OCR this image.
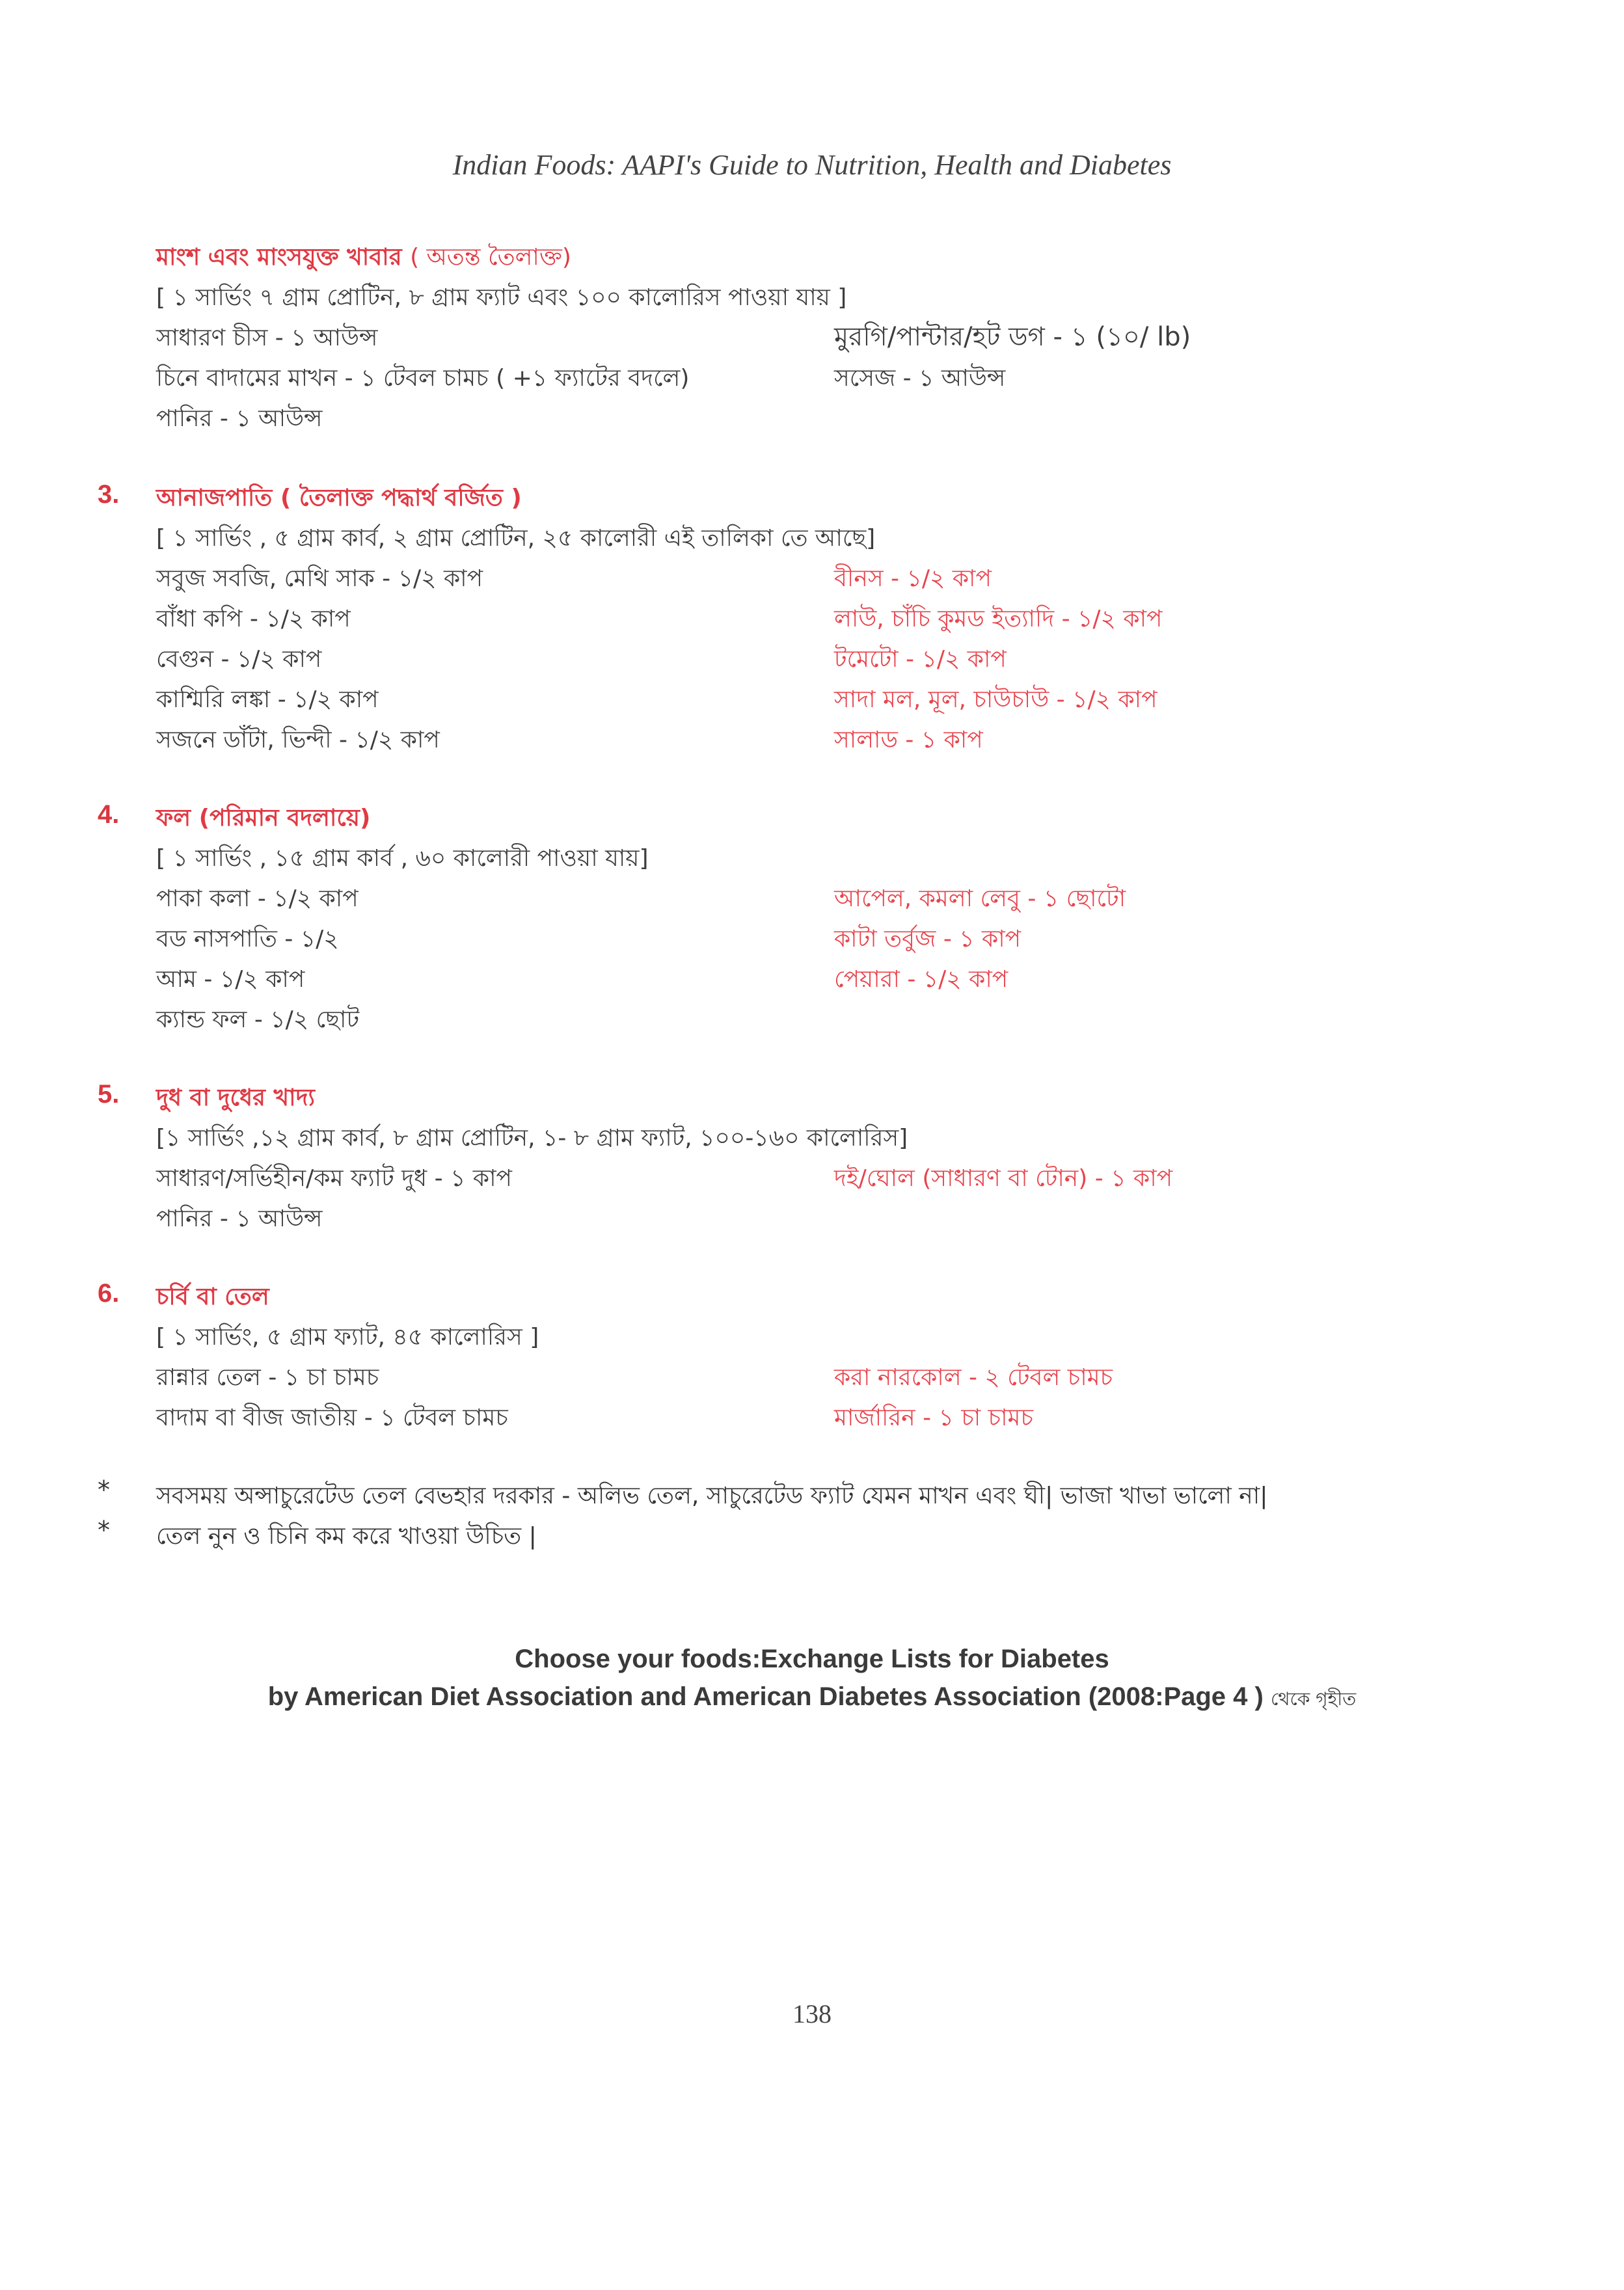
Indian Foods: AAPI's Guide to Nutrition, Health and Diabetes
মাংশ এবং মাংসযুক্ত খাবার ( অতন্ত তৈলাক্ত)
[ ১ সার্ভিং ৭ গ্রাম প্রোটিন, ৮ গ্রাম ফ্যাট এবং ১০০ কালোরিস পাওয়া যায় ]
সাধারণ চীস - ১ আউন্স
চিনে বাদামের মাখন - ১ টেবল চামচ ( +১ ফ্যাটের বদলে)
পানির - ১ আউন্স
মুরগি/পান্টার/হট ডগ - ১ (১০/ lb)
সসেজ - ১ আউন্স
3. আনাজপাতি ( তৈলাক্ত পদ্ধার্থ বর্জিত )
[ ১ সার্ভিং , ৫ গ্রাম কার্ব, ২ গ্রাম প্রোটিন, ২৫ কালোরী এই তালিকা তে আছে]
সবুজ সবজি, মেথি সাক - ১/২ কাপ
বাঁধা কপি - ১/২ কাপ
বেগুন - ১/২ কাপ
কাশ্মিরি লঙ্কা - ১/২ কাপ
সজনে ডাঁটা, ভিন্দী - ১/২ কাপ
বীনস - ১/২ কাপ
লাউ, চাঁচি কুমড ইত্যাদি - ১/২ কাপ
টমেটো - ১/২ কাপ
সাদা মল, মূল, চাউচাউ - ১/২ কাপ
সালাড - ১ কাপ
4. ফল (পরিমান বদলায়ে)
[ ১ সার্ভিং , ১৫ গ্রাম কার্ব , ৬০ কালোরী পাওয়া যায়]
পাকা কলা - ১/২ কাপ
বড নাসপাতি - ১/২
আম - ১/২ কাপ
ক্যান্ড ফল - ১/২ ছোট
আপেল, কমলা লেবু - ১ ছোটো
কাটা তর্বুজ - ১ কাপ
পেয়ারা - ১/২ কাপ
5. দুধ বা দুধের খাদ্য
[১ সার্ভিং ,১২ গ্রাম কার্ব, ৮ গ্রাম প্রোটিন, ১- ৮ গ্রাম ফ্যাট, ১০০-১৬০ কালোরিস]
সাধারণ/সর্ভিহীন/কম ফ্যাট দুধ - ১ কাপ
পানির - ১ আউন্স
দই/ঘোল (সাধারণ বা টোন) - ১ কাপ
6. চর্বি বা তেল
[ ১ সার্ভিং, ৫ গ্রাম ফ্যাট, ৪৫ কালোরিস ]
রান্নার তেল - ১ চা চামচ
বাদাম বা বীজ জাতীয় - ১ টেবল চামচ
করা নারকোল - ২ টেবল চামচ
মার্জারিন - ১ চা চামচ
* সবসময় অন্সাচুরেটেড তেল বেভহার দরকার - অলিভ তেল, সাচুরেটেড ফ্যাট যেমন মাখন এবং ঘী| ভাজা খাভা ভালো না|
* তেল নুন ও চিনি কম করে খাওয়া উচিত |
Choose your foods:Exchange Lists for Diabetes
by American Diet Association and American Diabetes Association (2008:Page 4 ) থেকে গৃহীত
138
